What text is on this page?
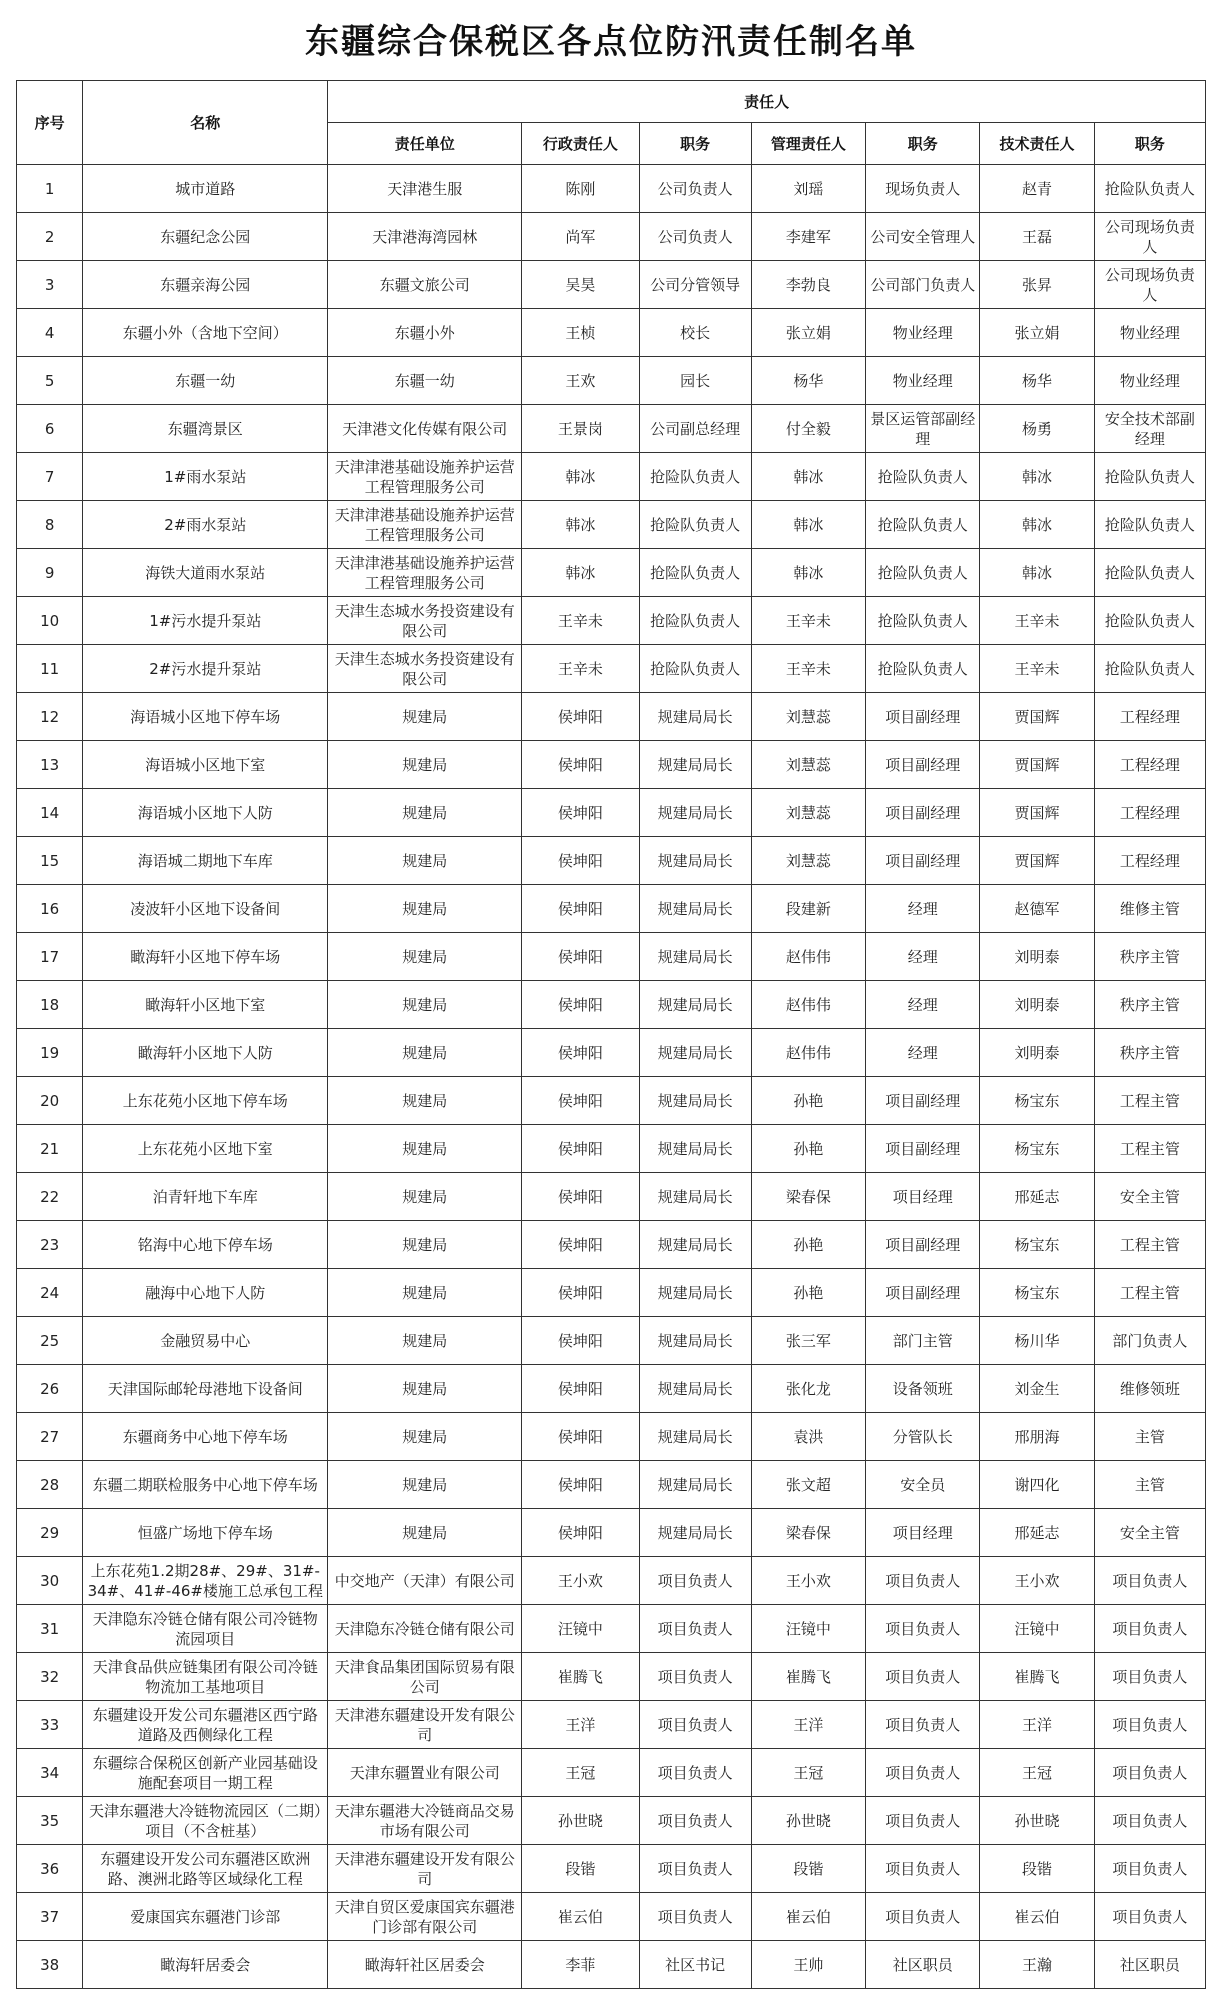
东疆综合保税区各点位防汛责任制名单
序号	名称	责任人						
		责任单位	行政责任人	职务	管理责任人	职务	技术责任人	职务
1	城市道路	天津港生服	陈刚	公司负责人	刘瑶	现场负责人	赵青	抢险队负责人
2	东疆纪念公园	天津港海湾园林	尚军	公司负责人	李建军	公司安全管理人	王磊	公司现场负责人
3	东疆亲海公园	东疆文旅公司	吴昊	公司分管领导	李勃良	公司部门负责人	张昇	公司现场负责人
4	东疆小外（含地下空间）	东疆小外	王桢	校长	张立娟	物业经理	张立娟	物业经理
5	东疆一幼	东疆一幼	王欢	园长	杨华	物业经理	杨华	物业经理
6	东疆湾景区	天津港文化传媒有限公司	王景岗	公司副总经理	付全毅	景区运管部副经理	杨勇	安全技术部副经理
7	1#雨水泵站	天津津港基础设施养护运营工程管理服务公司	韩冰	抢险队负责人	韩冰	抢险队负责人	韩冰	抢险队负责人
8	2#雨水泵站	天津津港基础设施养护运营工程管理服务公司	韩冰	抢险队负责人	韩冰	抢险队负责人	韩冰	抢险队负责人
9	海铁大道雨水泵站	天津津港基础设施养护运营工程管理服务公司	韩冰	抢险队负责人	韩冰	抢险队负责人	韩冰	抢险队负责人
10	1#污水提升泵站	天津生态城水务投资建设有限公司	王辛未	抢险队负责人	王辛未	抢险队负责人	王辛未	抢险队负责人
11	2#污水提升泵站	天津生态城水务投资建设有限公司	王辛未	抢险队负责人	王辛未	抢险队负责人	王辛未	抢险队负责人
12	海语城小区地下停车场	规建局	侯坤阳	规建局局长	刘慧蕊	项目副经理	贾国辉	工程经理
13	海语城小区地下室	规建局	侯坤阳	规建局局长	刘慧蕊	项目副经理	贾国辉	工程经理
14	海语城小区地下人防	规建局	侯坤阳	规建局局长	刘慧蕊	项目副经理	贾国辉	工程经理
15	海语城二期地下车库	规建局	侯坤阳	规建局局长	刘慧蕊	项目副经理	贾国辉	工程经理
16	凌波轩小区地下设备间	规建局	侯坤阳	规建局局长	段建新	经理	赵德军	维修主管
17	瞰海轩小区地下停车场	规建局	侯坤阳	规建局局长	赵伟伟	经理	刘明泰	秩序主管
18	瞰海轩小区地下室	规建局	侯坤阳	规建局局长	赵伟伟	经理	刘明泰	秩序主管
19	瞰海轩小区地下人防	规建局	侯坤阳	规建局局长	赵伟伟	经理	刘明泰	秩序主管
20	上东花苑小区地下停车场	规建局	侯坤阳	规建局局长	孙艳	项目副经理	杨宝东	工程主管
21	上东花苑小区地下室	规建局	侯坤阳	规建局局长	孙艳	项目副经理	杨宝东	工程主管
22	泊青轩地下车库	规建局	侯坤阳	规建局局长	梁春保	项目经理	邢延志	安全主管
23	铭海中心地下停车场	规建局	侯坤阳	规建局局长	孙艳	项目副经理	杨宝东	工程主管
24	融海中心地下人防	规建局	侯坤阳	规建局局长	孙艳	项目副经理	杨宝东	工程主管
25	金融贸易中心	规建局	侯坤阳	规建局局长	张三军	部门主管	杨川华	部门负责人
26	天津国际邮轮母港地下设备间	规建局	侯坤阳	规建局局长	张化龙	设备领班	刘金生	维修领班
27	东疆商务中心地下停车场	规建局	侯坤阳	规建局局长	袁洪	分管队长	邢朋海	主管
28	东疆二期联检服务中心地下停车场	规建局	侯坤阳	规建局局长	张文超	安全员	谢四化	主管
29	恒盛广场地下停车场	规建局	侯坤阳	规建局局长	梁春保	项目经理	邢延志	安全主管
30	上东花苑1.2期28#、29#、31#-34#、41#-46#楼施工总承包工程	中交地产（天津）有限公司	王小欢	项目负责人	王小欢	项目负责人	王小欢	项目负责人
31	天津隐东冷链仓储有限公司冷链物流园项目	天津隐东冷链仓储有限公司	汪镜中	项目负责人	汪镜中	项目负责人	汪镜中	项目负责人
32	天津食品供应链集团有限公司冷链物流加工基地项目	天津食品集团国际贸易有限公司	崔腾飞	项目负责人	崔腾飞	项目负责人	崔腾飞	项目负责人
33	东疆建设开发公司东疆港区西宁路道路及西侧绿化工程	天津港东疆建设开发有限公司	王洋	项目负责人	王洋	项目负责人	王洋	项目负责人
34	东疆综合保税区创新产业园基础设施配套项目一期工程	天津东疆置业有限公司	王冠	项目负责人	王冠	项目负责人	王冠	项目负责人
35	天津东疆港大冷链物流园区（二期）项目（不含桩基）	天津东疆港大冷链商品交易市场有限公司	孙世晓	项目负责人	孙世晓	项目负责人	孙世晓	项目负责人
36	东疆建设开发公司东疆港区欧洲路、澳洲北路等区域绿化工程	天津港东疆建设开发有限公司	段锴	项目负责人	段锴	项目负责人	段锴	项目负责人
37	爱康国宾东疆港门诊部	天津自贸区爱康国宾东疆港门诊部有限公司	崔云伯	项目负责人	崔云伯	项目负责人	崔云伯	项目负责人
38	瞰海轩居委会	瞰海轩社区居委会	李菲	社区书记	王帅	社区职员	王瀚	社区职员
